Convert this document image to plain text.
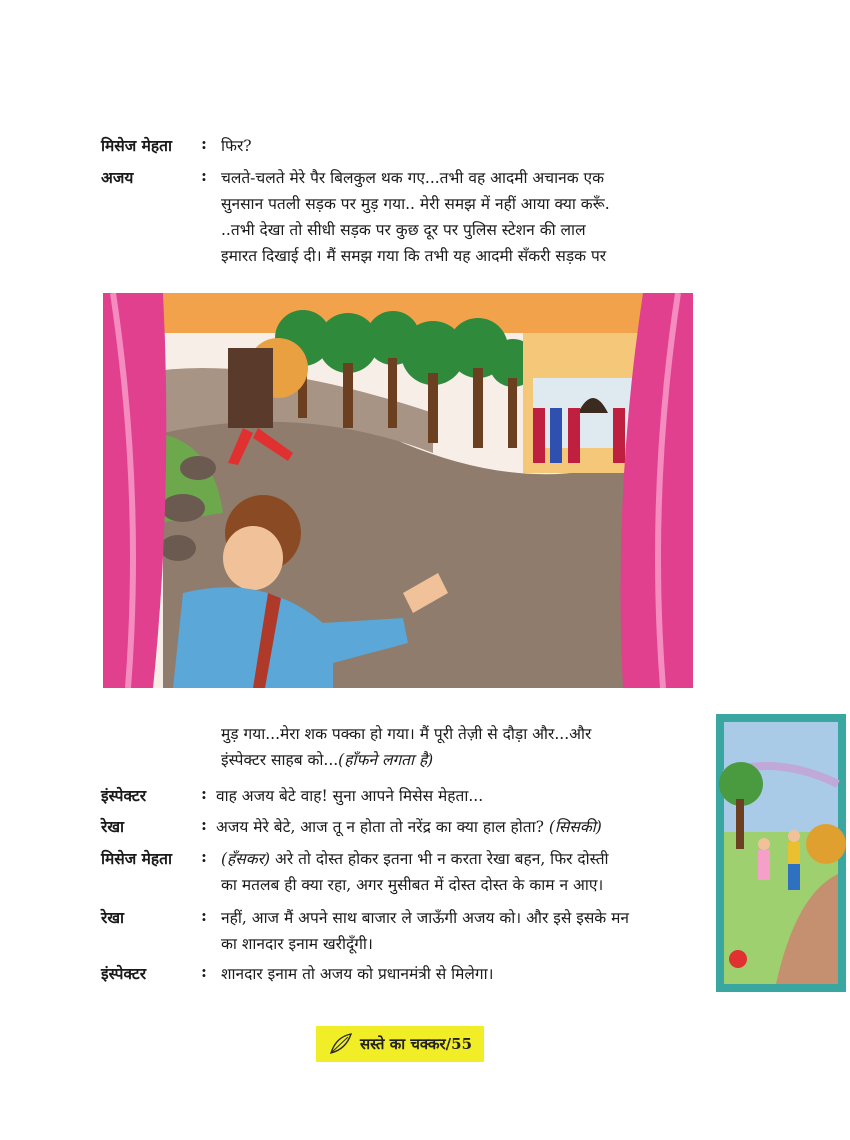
मिसेज मेहता : फिर?
अजय	: चलते-चलते मेरे पैर बिलकुल थक गए...तभी वह आदमी अचानक एक
सुनसान पतली सड़क पर मुड़ गया.. मेरी समझ में नहीं आया क्या करूँ.
..तभी देखा तो सीधी सड़क पर कुछ दूर पर पुलिस स्टेशन की लाल
इमारत दिखाई दी। मैं समझ गया कि तभी यह आदमी सँकरी सड़क पर
मुड़ गया...मेरा शक पक्का हो गया। मैं पूरी तेज़ी से दौड़ा और...और
इंस्पेक्टर साहब को...(हाँफने लगता है)
इंस्पेक्टर	: वाह अजय बेटे वाह! सुना आपने मिसेस मेहता...
रेखा	: अजय मेरे बेटे, आज तू न होता तो नरेंद्र का क्या हाल होता? (सिसकी)
मिसेज मेहता : (हँसकर) अरे तो दोस्त होकर इतना भी न करता रेखा बहन, फिर दोस्ती
का मतलब ही क्या रहा, अगर मुसीबत में दोस्त दोस्त के काम न आए।
रेखा	: नहीं, आज मैं अपने साथ बाजार ले जाऊँगी अजय को। और इसे इसके मन
का शानदार इनाम खरीदूँगी।
इंस्पेक्टर	: शानदार इनाम तो अजय को प्रधानमंत्री से मिलेगा।
सस्ते का चक्कर/55
